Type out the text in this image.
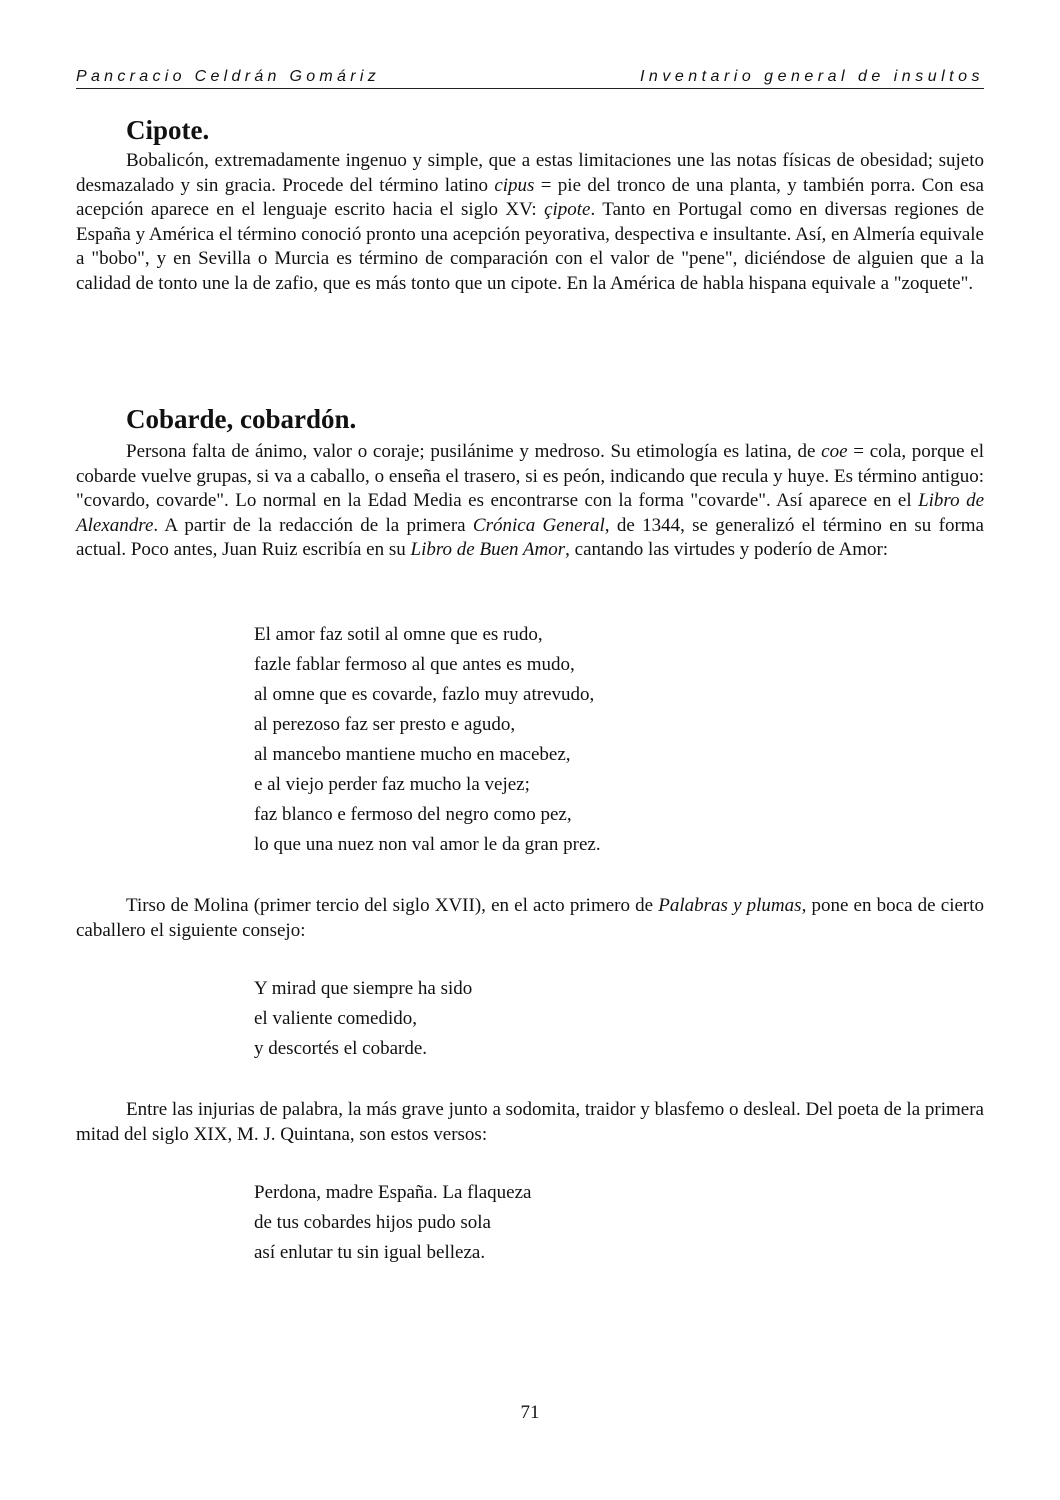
Pancracio Celdrán Gomáriz	Inventario general de insultos
Cipote.

Bobalicón, extremadamente ingenuo y simple, que a estas limitaciones une las notas físicas de obesidad; sujeto desmazalado y sin gracia. Procede del término latino cipus = pie del tronco de una planta, y también porra. Con esa acepción aparece en el lenguaje escrito hacia el siglo XV: çipote. Tanto en Portugal como en diversas regiones de España y América el término conoció pronto una acepción peyorativa, despectiva e insultante. Así, en Almería equivale a "bobo", y en Sevilla o Murcia es término de comparación con el valor de "pene", diciéndose de alguien que a la calidad de tonto une la de zafio, que es más tonto que un cipote. En la América de habla hispana equivale a "zoquete".

Cobarde, cobardón.

Persona falta de ánimo, valor o coraje; pusilánime y medroso. Su etimología es latina, de coe = cola, porque el cobarde vuelve grupas, si va a caballo, o enseña el trasero, si es peón, indicando que recula y huye. Es término antiguo: "covardo, covarde". Lo normal en la Edad Media es encontrarse con la forma "covarde". Así aparece en el Libro de Alexandre. A partir de la redacción de la primera Crónica General, de 1344, se generalizó el término en su forma actual. Poco antes, Juan Ruiz escribía en su Libro de Buen Amor, cantando las virtudes y poderío de Amor:

El amor faz sotil al omne que es rudo,
fazle fablar fermoso al que antes es mudo,
al omne que es covarde, fazlo muy atrevudo,
al perezoso faz ser presto e agudo,
al mancebo mantiene mucho en macebez,
e al viejo perder faz mucho la vejez;
faz blanco e fermoso del negro como pez,
lo que una nuez non val amor le da gran prez.

Tirso de Molina (primer tercio del siglo XVII), en el acto primero de Palabras y plumas, pone en boca de cierto caballero el siguiente consejo:

Y mirad que siempre ha sido
el valiente comedido,
y descortés el cobarde.

Entre las injurias de palabra, la más grave junto a sodomita, traidor y blasfemo o desleal. Del poeta de la primera mitad del siglo XIX, M. J. Quintana, son estos versos:

Perdona, madre España. La flaqueza
de tus cobardes hijos pudo sola
así enlutar tu sin igual belleza.
71
